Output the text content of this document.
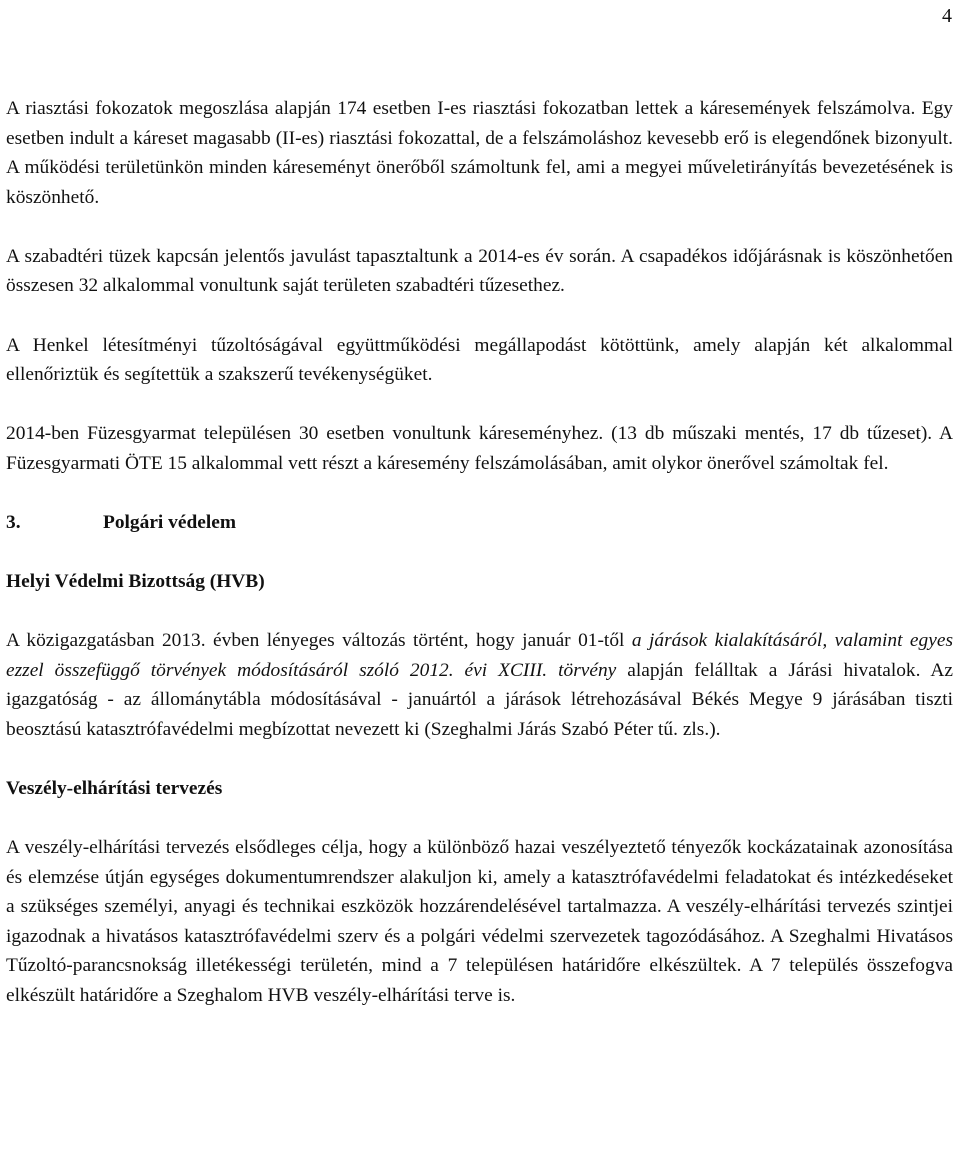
4

A riasztási fokozatok megoszlása alapján 174 esetben I-es riasztási fokozatban lettek a káresemények felszámolva. Egy esetben indult a káreset magasabb (II-es) riasztási fokozattal, de a felszámoláshoz kevesebb erő is elegendőnek bizonyult. A működési területünkön minden káreseményt önerőből számoltunk fel, ami a megyei műveletirányítás bevezetésének is köszönhető.

A szabadtéri tüzek kapcsán jelentős javulást tapasztaltunk a 2014-es év során. A csapadékos időjárásnak is köszönhetően összesen 32 alkalommal vonultunk saját területen szabadtéri tűzesethez.

A Henkel létesítményi tűzoltóságával együttműködési megállapodást kötöttünk, amely alapján két alkalommal ellenőriztük és segítettük a szakszerű tevékenységüket.

2014-ben Füzesgyarmat településen 30 esetben vonultunk káreseményhez. (13 db műszaki mentés, 17 db tűzeset). A Füzesgyarmati ÖTE 15 alkalommal vett részt a káresemény felszámolásában, amit olykor önerővel számoltak fel.

3.	Polgári védelem

Helyi Védelmi Bizottság (HVB)

A közigazgatásban 2013. évben lényeges változás történt, hogy január 01-től a járások kialakításáról, valamint egyes ezzel összefüggő törvények módosításáról szóló 2012. évi XCIII. törvény alapján felálltak a Járási hivatalok. Az igazgatóság - az állománytábla módosításával - januártól a járások létrehozásával Békés Megye 9 járásában tiszti beosztású katasztrófavédelmi megbízottat nevezett ki (Szeghalmi Járás Szabó Péter tű. zls.).

Veszély-elhárítási tervezés

A veszély-elhárítási tervezés elsődleges célja, hogy a különböző hazai veszélyeztető tényezők kockázatainak azonosítása és elemzése útján egységes dokumentumrendszer alakuljon ki, amely a katasztrófavédelmi feladatokat és intézkedéseket a szükséges személyi, anyagi és technikai eszközök hozzárendelésével tartalmazza. A veszély-elhárítási tervezés szintjei igazodnak a hivatásos katasztrófavédelmi szerv és a polgári védelmi szervezetek tagozódásához. A Szeghalmi Hivatásos Tűzoltó-parancsnokság illetékességi területén, mind a 7 településen határidőre elkészültek. A 7 település összefogva elkészült határidőre a Szeghalom HVB veszély-elhárítási terve is.
